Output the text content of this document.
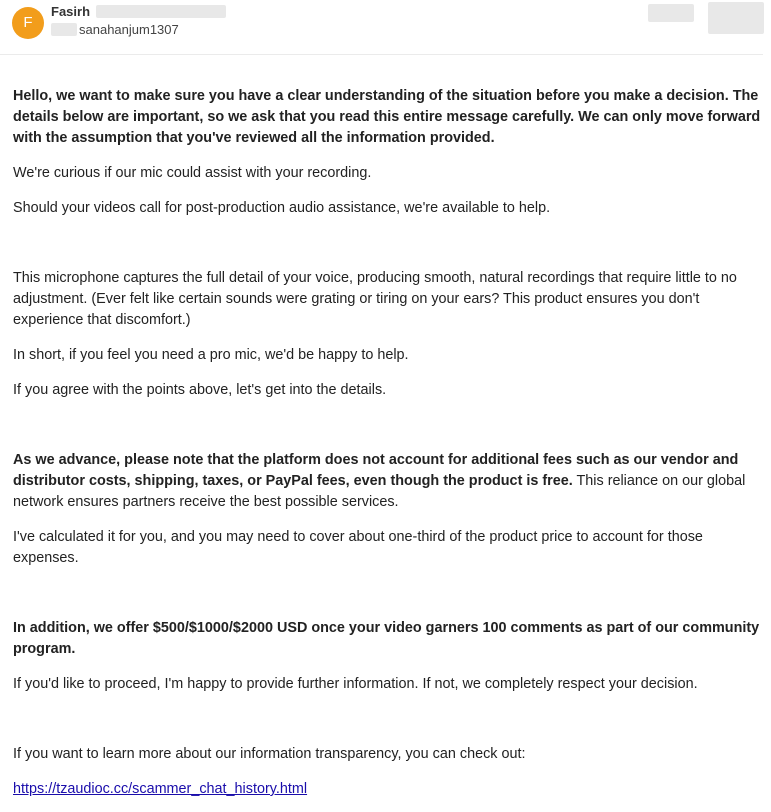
F
Fasirh
sanahanjum1307

Hello, we want to make sure you have a clear understanding of the situation before you make a decision. The details below are important, so we ask that you read this entire message carefully. We can only move forward with the assumption that you've reviewed all the information provided.

We're curious if our mic could assist with your recording.

Should your videos call for post-production audio assistance, we're available to help.

This microphone captures the full detail of your voice, producing smooth, natural recordings that require little to no adjustment. (Ever felt like certain sounds were grating or tiring on your ears? This product ensures you don't experience that discomfort.)

In short, if you feel you need a pro mic, we'd be happy to help.

If you agree with the points above, let's get into the details.

As we advance, please note that the platform does not account for additional fees such as our vendor and distributor costs, shipping, taxes, or PayPal fees, even though the product is free. This reliance on our global network ensures partners receive the best possible services.

I've calculated it for you, and you may need to cover about one-third of the product price to account for those expenses.

In addition, we offer $500/$1000/$2000 USD once your video garners 100 comments as part of our community program.

If you'd like to proceed, I'm happy to provide further information. If not, we completely respect your decision.

If you want to learn more about our information transparency, you can check out:

https://tzaudioc.cc/scammer_chat_history.html
